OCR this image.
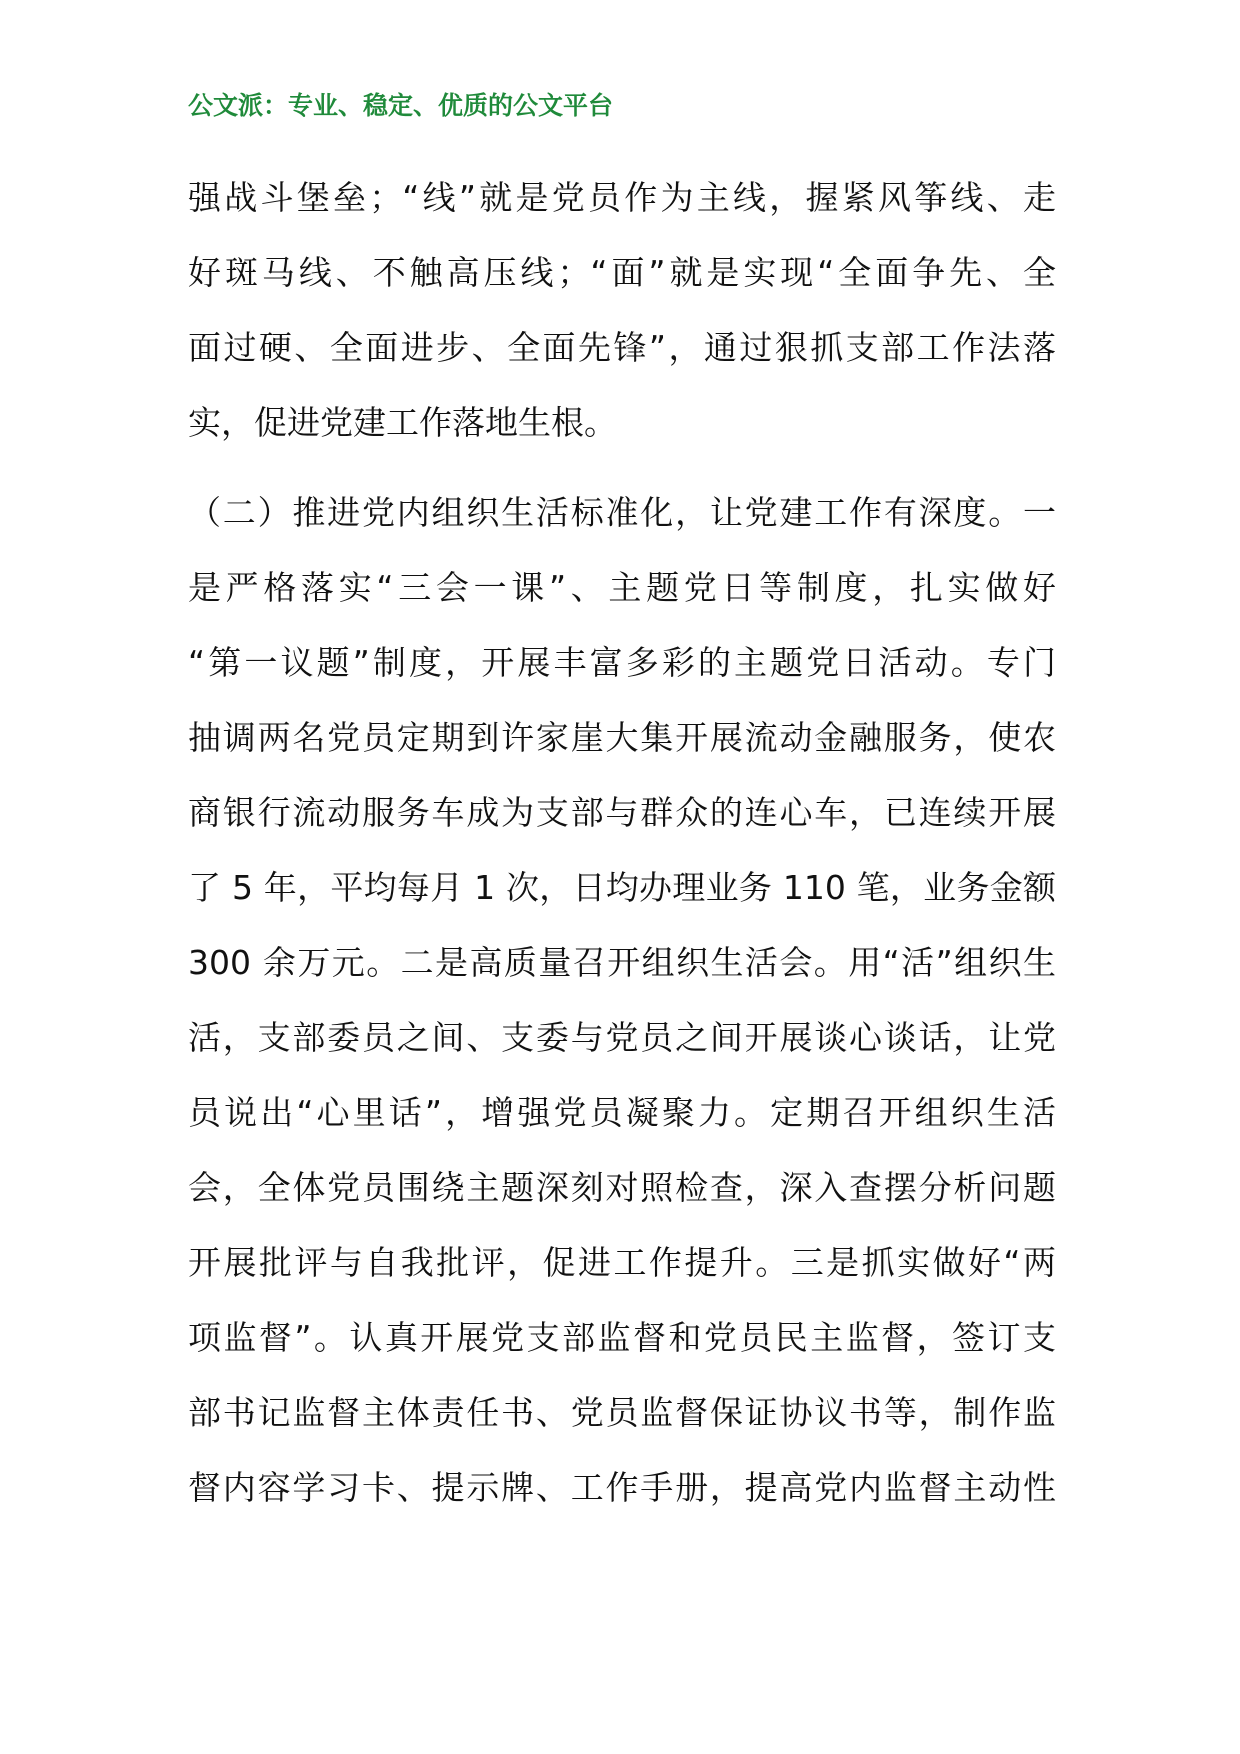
公文派：专业、稳定、优质的公文平台
强战斗堡垒；“线”就是党员作为主线，握紧风筝线、走
好斑马线、不触高压线；“面”就是实现“全面争先、全
面过硬、全面进步、全面先锋”，通过狠抓支部工作法落
实，促进党建工作落地生根。
（二）推进党内组织生活标准化，让党建工作有深度。一
是严格落实“三会一课”、主题党日等制度，扎实做好
“第一议题”制度，开展丰富多彩的主题党日活动。专门
抽调两名党员定期到许家崖大集开展流动金融服务，使农
商银行流动服务车成为支部与群众的连心车，已连续开展
了 5 年，平均每月 1 次，日均办理业务 110 笔，业务金额
300 余万元。二是高质量召开组织生活会。用“活”组织生
活，支部委员之间、支委与党员之间开展谈心谈话，让党
员说出“心里话”，增强党员凝聚力。定期召开组织生活
会，全体党员围绕主题深刻对照检查，深入查摆分析问题
开展批评与自我批评，促进工作提升。三是抓实做好“两
项监督”。认真开展党支部监督和党员民主监督，签订支
部书记监督主体责任书、党员监督保证协议书等，制作监
督内容学习卡、提示牌、工作手册，提高党内监督主动性
